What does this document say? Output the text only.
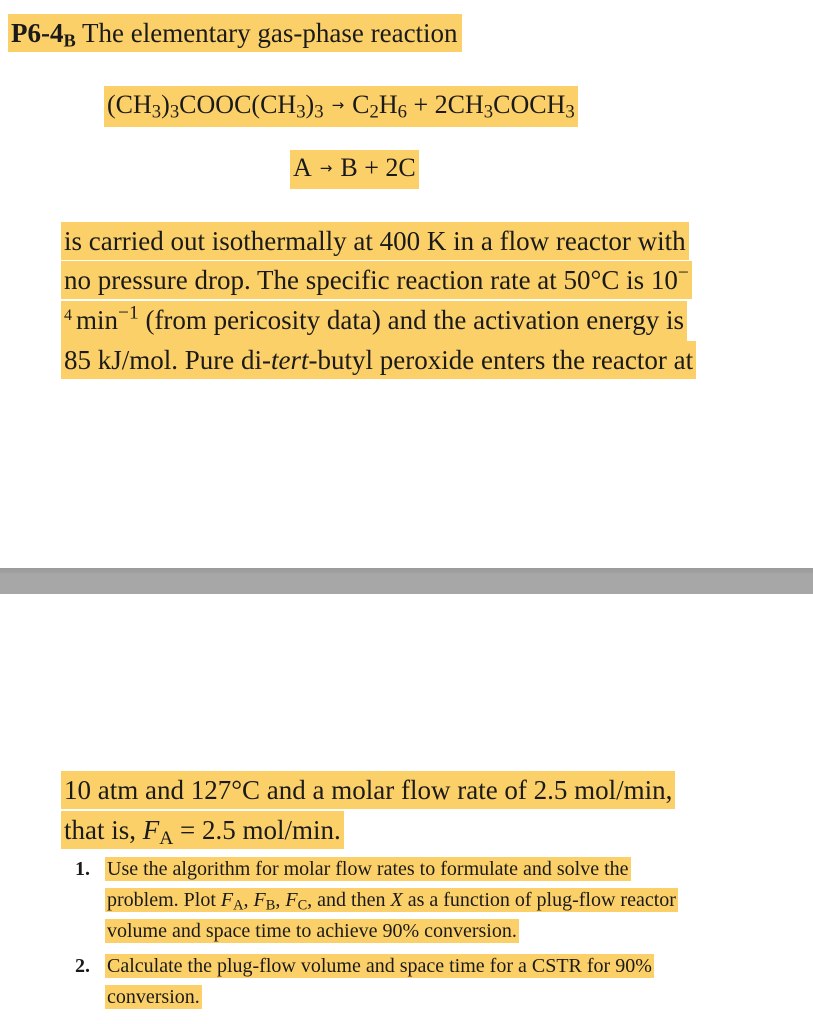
$P6-4_B$ The elementary gas-phase reaction
$(CH_3)_3COOC(CH_3)_3 \to C_2H_6$ + $2CH_3COCH_3$
A → B + 2C
is carried out isothermally at 400 K in a flow reactor with
no pressure drop. The specific reaction rate at 50°C is 10−
$^4$ $\min^{-1}$ (from pericosity data) and the activation energy is
85 kJ/mol. Pure di-tert-butyl peroxide enters the reactor at
10 atm and 127°C and a molar flow rate of 2.5 mol/min,
that is, $F_A = 2.5$ mol/min.
1. Use the algorithm for molar flow rates to formulate and solve the
problem. Plot $F_A$, $F_B$, $F_C$, and then X as a function of plug-flow reactor
volume and space time to achieve 90% conversion.
2. Calculate the plug-flow volume and space time for a CSTR for 90%
conversion.
